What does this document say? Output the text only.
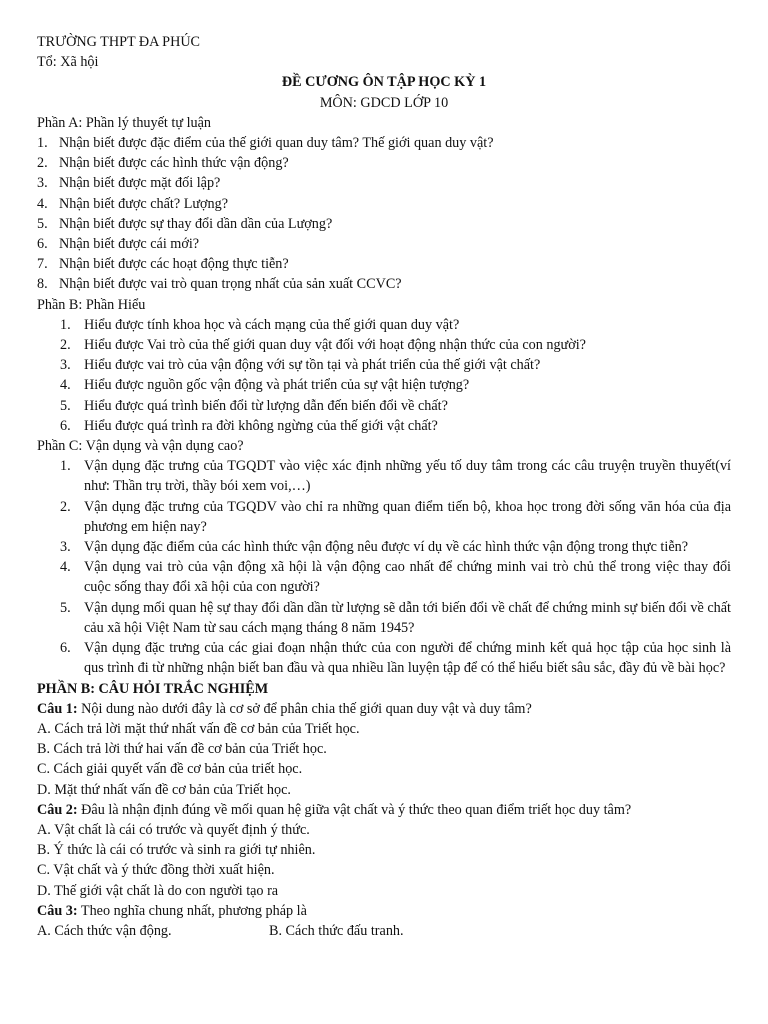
TRƯỜNG THPT ĐA PHÚC
Tổ: Xã hội
ĐỀ CƯƠNG ÔN TẬP HỌC KỲ 1
MÔN: GDCD LỚP 10
Phần A: Phần lý thuyết tự luận
1. Nhận biết được đặc điểm của thế giới quan duy tâm? Thế giới quan duy vật?
2. Nhận biết được các hình thức vận động?
3. Nhận biết được mặt đối lập?
4. Nhận biết được chất? Lượng?
5. Nhận biết được sự thay đổi dần dần của Lượng?
6. Nhận biết được cái mới?
7. Nhận biết được các hoạt động thực tiễn?
8. Nhận biết được vai trò quan trọng nhất của sản xuất CCVC?
Phần B: Phần Hiểu
1. Hiểu được tính khoa học và cách mạng của thế giới quan duy vật?
2. Hiểu được Vai trò của thế giới quan duy vật đối với hoạt động nhận thức của con người?
3. Hiểu được vai trò của vận động với sự tồn tại và phát triển của thế giới vật chất?
4. Hiểu được nguồn gốc vận động và phát triển của sự vật hiện tượng?
5. Hiểu được quá trình biến đổi từ lượng dẫn đến biến đổi về chất?
6. Hiểu được quá trình ra đời không ngừng của thế giới vật chất?
Phần C: Vận dụng và vận dụng cao?
1. Vận dụng đặc trưng của TGQDT vào việc xác định những yếu tố duy tâm trong các câu truyện truyền thuyết(ví như: Thần trụ trời, thầy bói xem voi,…)
2. Vận dụng đặc trưng của TGQDV vào chỉ ra những quan điểm tiến bộ, khoa học trong đời sống văn hóa của địa phương em hiện nay?
3. Vận dụng đặc điểm của các hình thức vận động nêu được ví dụ về các hình thức vận động trong thực tiễn?
4. Vận dụng vai trò của vận động xã hội là vận động cao nhất để chứng minh vai trò chủ thể trong việc thay đổi cuộc sống thay đổi xã hội của con người?
5. Vận dụng mối quan hệ sự thay đổi dần dần từ lượng sẽ dẫn tới biến đổi về chất để chứng minh sự biến đổi về chất cảu xã hội Việt Nam từ sau cách mạng tháng 8 năm 1945?
6. Vận dụng đặc trưng của các giai đoạn nhận thức của con người để chứng minh kết quả học tập của học sinh là qus trình đi từ những nhận biết ban đầu và qua nhiều lần luyện tập để có thể hiểu biết sâu sắc, đầy đủ về bài học?
PHẦN B: CÂU HỎI TRẮC NGHIỆM
Câu 1: Nội dung nào dưới đây là cơ sở để phân chia thế giới quan duy vật và duy tâm?
A. Cách trả lời mặt thứ nhất vấn đề cơ bản của Triết học.
B. Cách trả lời thứ hai vấn đề cơ bản của Triết học.
C. Cách giải quyết vấn đề cơ bản của triết học.
D. Mặt thứ nhất vấn đề cơ bản của Triết học.
Câu 2: Đâu là nhận định đúng về mối quan hệ giữa vật chất và ý thức theo quan điểm triết học duy tâm?
A. Vật chất là cái có trước và quyết định ý thức.
B. Ý thức là cái có trước và sinh ra giới tự nhiên.
C. Vật chất và ý thức đồng thời xuất hiện.
D. Thế giới vật chất là do con người tạo ra
Câu 3: Theo nghĩa chung nhất, phương pháp là
A. Cách thức vận động.	B. Cách thức đấu tranh.
